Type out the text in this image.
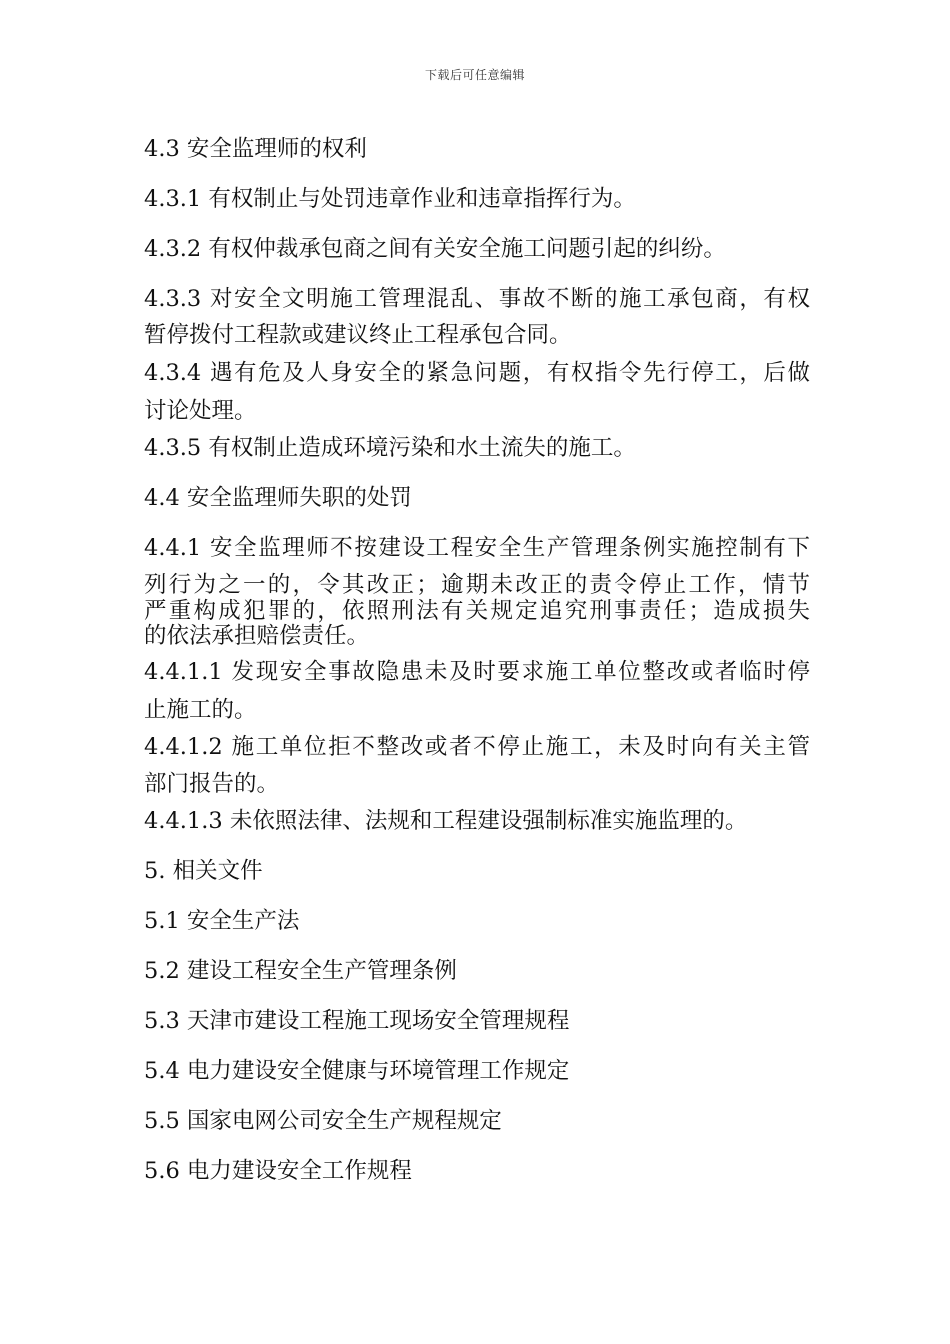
下载后可任意编辑
4.3 安全监理师的权利
4.3.1 有权制止与处罚违章作业和违章指挥行为。
4.3.2 有权仲裁承包商之间有关安全施工问题引起的纠纷。
4.3.3 对安全文明施工管理混乱、事故不断的施工承包商，有权
暂停拨付工程款或建议终止工程承包合同。
4.3.4 遇有危及人身安全的紧急问题，有权指令先行停工，后做
讨论处理。
4.3.5 有权制止造成环境污染和水土流失的施工。
4.4 安全监理师失职的处罚
4.4.1 安全监理师不按建设工程安全生产管理条例实施控制有下
列行为之一的，令其改正；逾期未改正的责令停止工作，情节
严重构成犯罪的，依照刑法有关规定追究刑事责任；造成损失
的依法承担赔偿责任。
4.4.1.1 发现安全事故隐患未及时要求施工单位整改或者临时停
止施工的。
4.4.1.2 施工单位拒不整改或者不停止施工，未及时向有关主管
部门报告的。
4.4.1.3 未依照法律、法规和工程建设强制标准实施监理的。
5. 相关文件
5.1 安全生产法
5.2 建设工程安全生产管理条例
5.3 天津市建设工程施工现场安全管理规程
5.4 电力建设安全健康与环境管理工作规定
5.5 国家电网公司安全生产规程规定
5.6 电力建设安全工作规程
